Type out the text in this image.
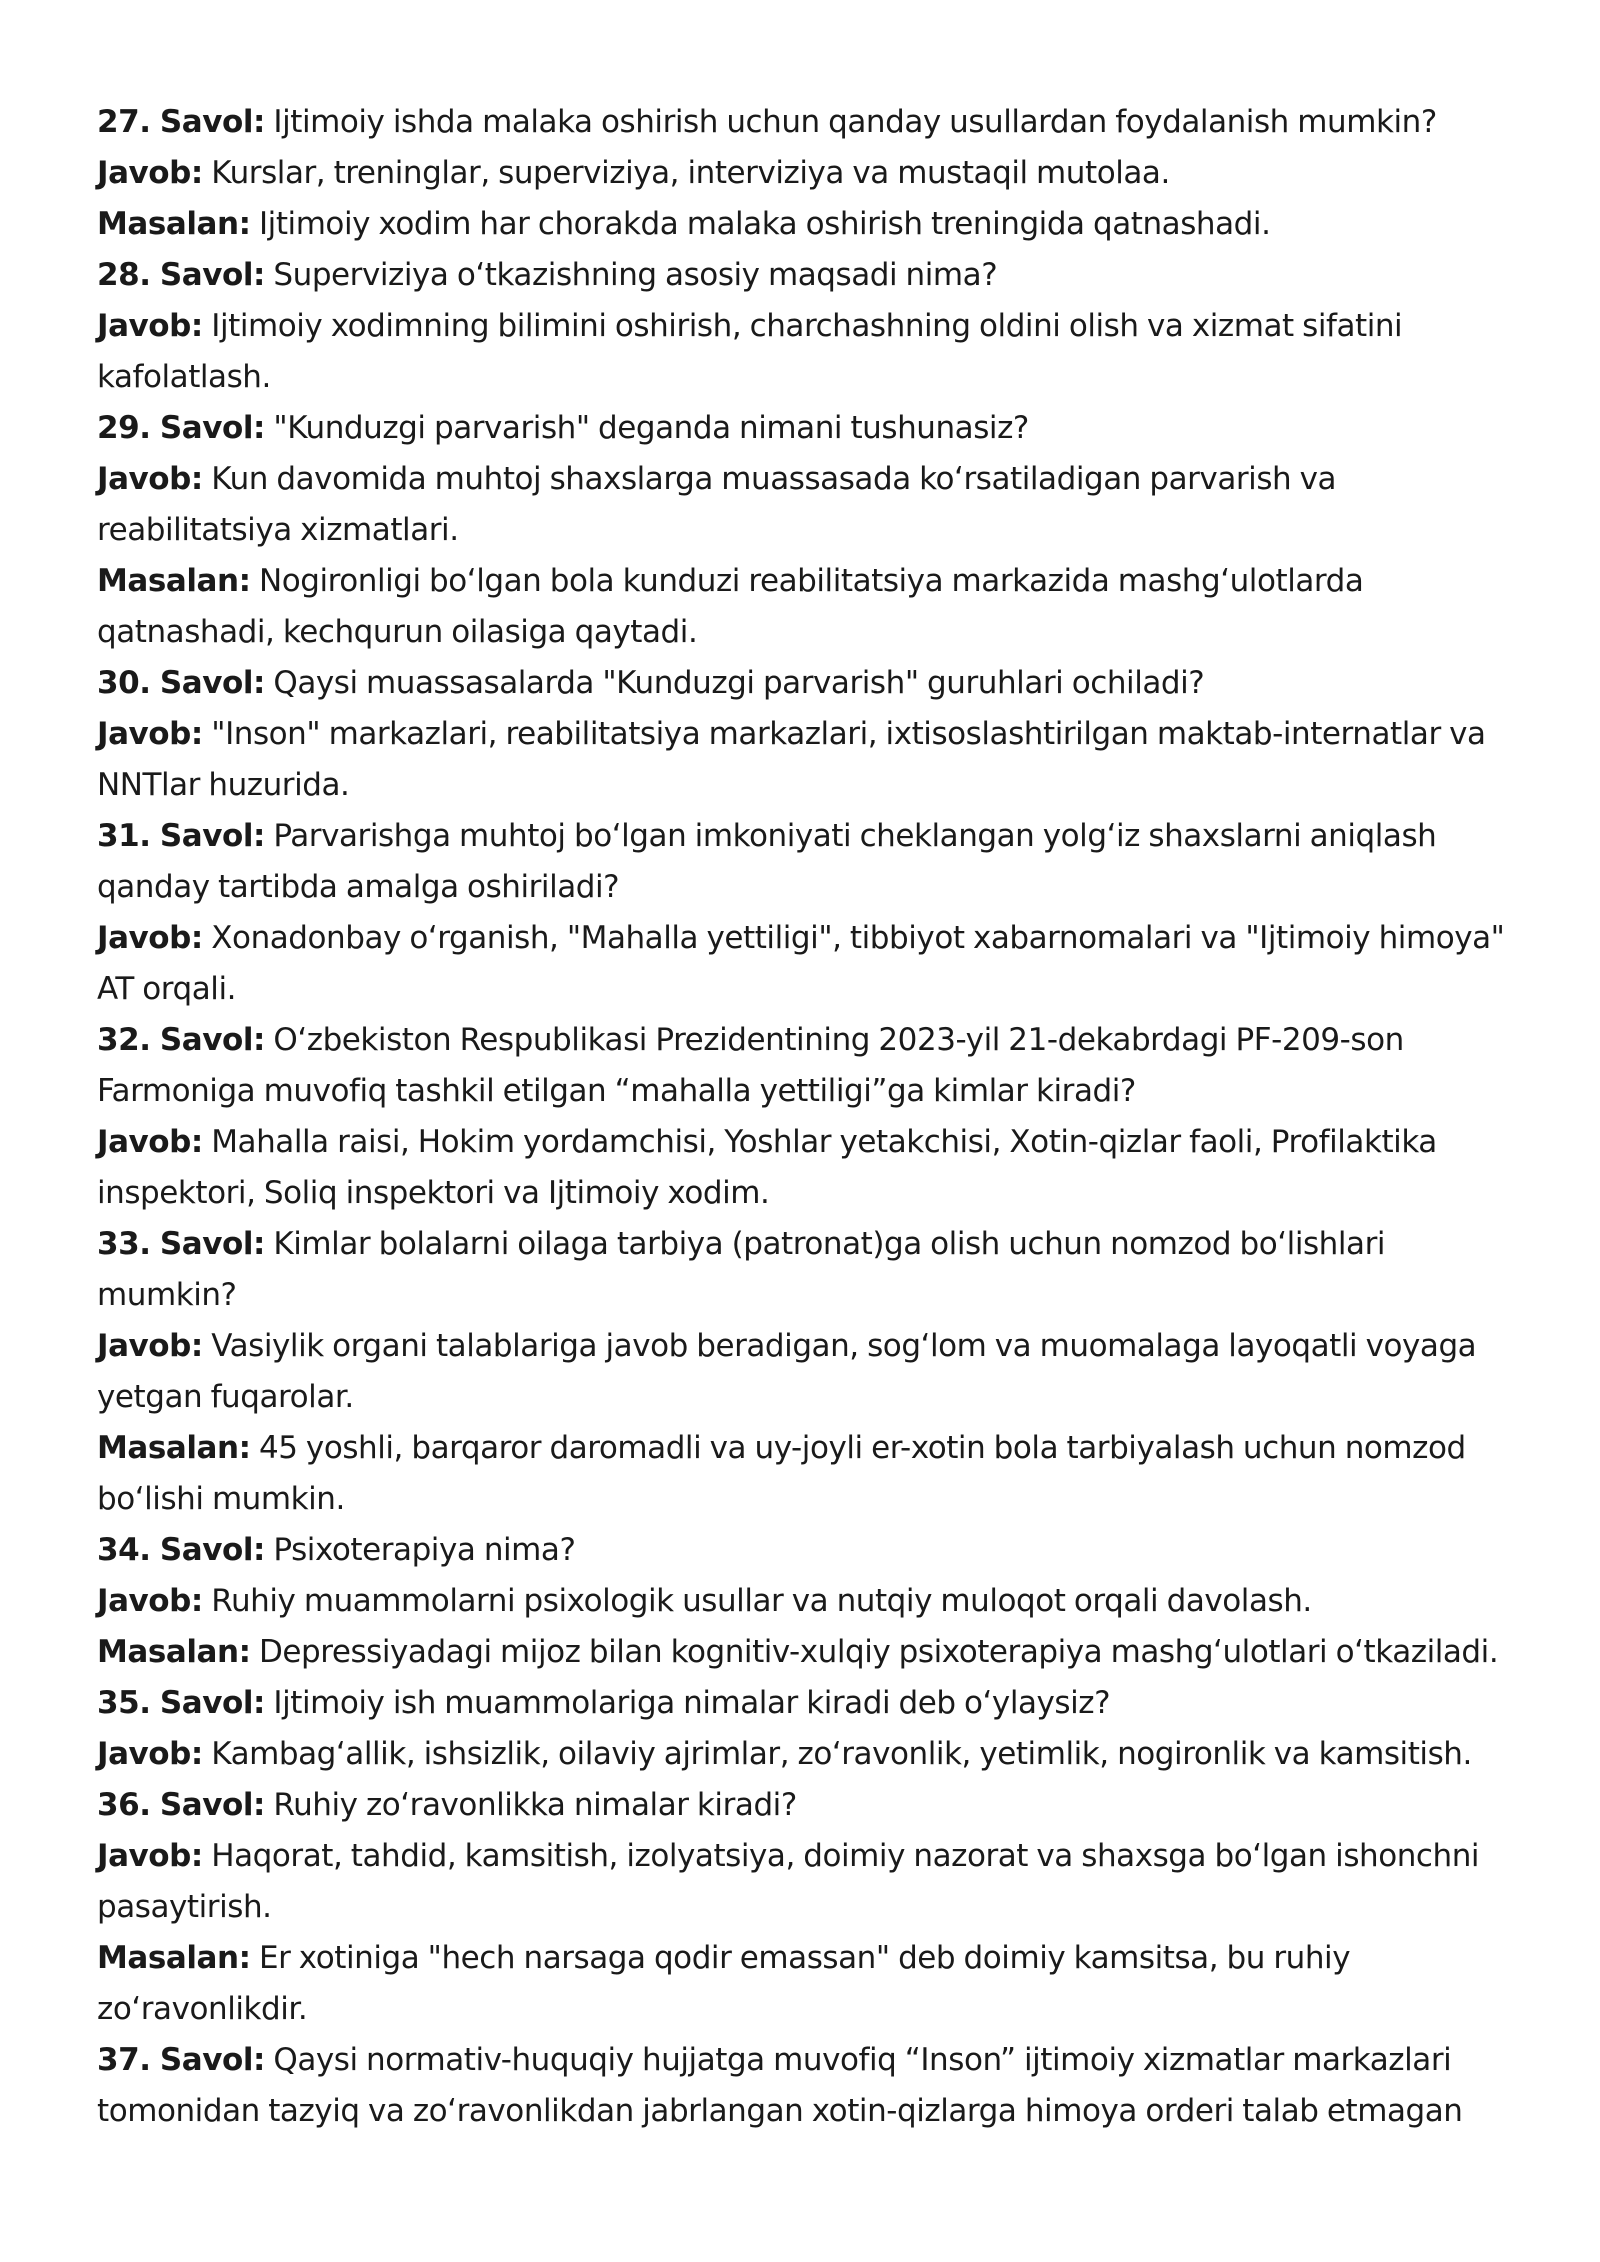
27. Savol: Ijtimoiy ishda malaka oshirish uchun qanday usullardan foydalanish mumkin?

Javob: Kurslar, treninglar, superviziya, interviziya va mustaqil mutolaa.

Masalan: Ijtimoiy xodim har chorakda malaka oshirish treningida qatnashadi.

28. Savol: Superviziya oʻtkazishning asosiy maqsadi nima?

Javob: Ijtimoiy xodimning bilimini oshirish, charchashning oldini olish va xizmat sifatini kafolatlash.

29. Savol: "Kunduzgi parvarish" deganda nimani tushunasiz?

Javob: Kun davomida muhtoj shaxslarga muassasada koʻrsatiladigan parvarish va reabilitatsiya xizmatlari.

Masalan: Nogironligi boʻlgan bola kunduzi reabilitatsiya markazida mashgʻulotlarda qatnashadi, kechqurun oilasiga qaytadi.

30. Savol: Qaysi muassasalarda "Kunduzgi parvarish" guruhlari ochiladi?

Javob: "Inson" markazlari, reabilitatsiya markazlari, ixtisoslashtirilgan maktab-internatlar va NNTlar huzurida.

31. Savol: Parvarishga muhtoj boʻlgan imkoniyati cheklangan yolgʻiz shaxslarni aniqlash qanday tartibda amalga oshiriladi?

Javob: Xonadonbay oʻrganish, "Mahalla yettiligi", tibbiyot xabarnomalari va "Ijtimoiy himoya" AT orqali.

32. Savol: Oʻzbekiston Respublikasi Prezidentining 2023-yil 21-dekabrdagi PF-209-son Farmoniga muvofiq tashkil etilgan “mahalla yettiligi”ga kimlar kiradi?

Javob: Mahalla raisi, Hokim yordamchisi, Yoshlar yetakchisi, Xotin-qizlar faoli, Profilaktika inspektori, Soliq inspektori va Ijtimoiy xodim.

33. Savol: Kimlar bolalarni oilaga tarbiya (patronat)ga olish uchun nomzod boʻlishlari mumkin?

Javob: Vasiylik organi talablariga javob beradigan, sogʻlom va muomalaga layoqatli voyaga yetgan fuqarolar.

Masalan: 45 yoshli, barqaror daromadli va uy-joyli er-xotin bola tarbiyalash uchun nomzod boʻlishi mumkin.

34. Savol: Psixoterapiya nima?

Javob: Ruhiy muammolarni psixologik usullar va nutqiy muloqot orqali davolash.

Masalan: Depressiyadagi mijoz bilan kognitiv-xulqiy psixoterapiya mashgʻulotlari oʻtkaziladi.

35. Savol: Ijtimoiy ish muammolariga nimalar kiradi deb oʻylaysiz?

Javob: Kambagʻallik, ishsizlik, oilaviy ajrimlar, zoʻravonlik, yetimlik, nogironlik va kamsitish.

36. Savol: Ruhiy zoʻravonlikka nimalar kiradi?

Javob: Haqorat, tahdid, kamsitish, izolyatsiya, doimiy nazorat va shaxsga boʻlgan ishonchni pasaytirish.

Masalan: Er xotiniga "hech narsaga qodir emassan" deb doimiy kamsitsa, bu ruhiy zoʻravonlikdir.

37. Savol: Qaysi normativ-huquqiy hujjatga muvofiq “Inson” ijtimoiy xizmatlar markazlari tomonidan tazyiq va zoʻravonlikdan jabrlangan xotin-qizlarga himoya orderi talab etmagan
